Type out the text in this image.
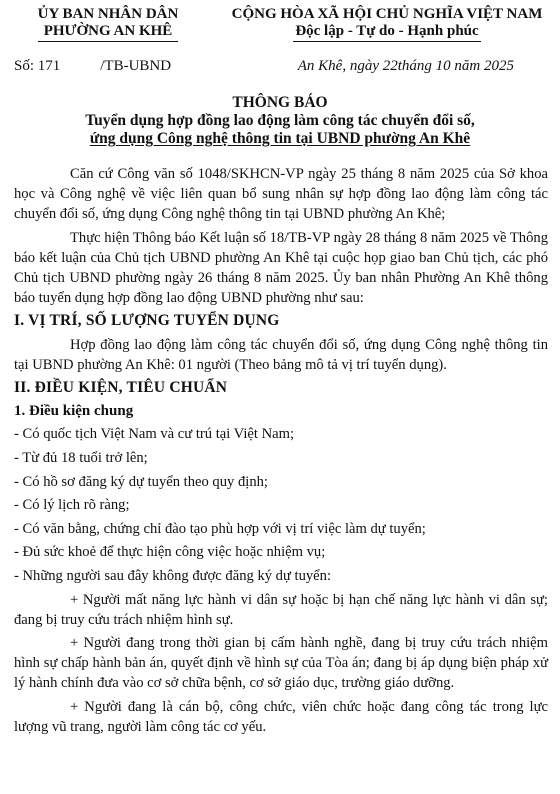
ỦY BAN NHÂN DÂN
PHƯỜNG AN KHÊ
CỘNG HÒA XÃ HỘI CHỦ NGHĨA VIỆT NAM
Độc lập - Tự do - Hạnh phúc
Số: 171	/TB-UBND	An Khê, ngày 22tháng 10 năm 2025
THÔNG BÁO
Tuyển dụng hợp đồng lao động làm công tác chuyển đổi số,
ứng dụng Công nghệ thông tin tại UBND phường An Khê

Căn cứ Công văn số 1048/SKHCN-VP ngày 25 tháng 8 năm 2025 của Sở khoa học và Công nghệ về việc liên quan bổ sung nhân sự hợp đồng lao động làm công tác chuyển đổi số, ứng dụng Công nghệ thông tin tại UBND phường An Khê;

Thực hiện Thông báo Kết luận số 18/TB-VP ngày 28 tháng 8 năm 2025 về Thông báo kết luận của Chủ tịch UBND phường An Khê tại cuộc họp giao ban Chủ tịch, các phó Chủ tịch UBND phường ngày 26 tháng 8 năm 2025. Ủy ban nhân Phường An Khê thông báo tuyển dụng hợp đồng lao động UBND phường như sau:

I. VỊ TRÍ, SỐ LƯỢNG TUYỂN DỤNG

Hợp đồng lao động làm công tác chuyển đổi số, ứng dụng Công nghệ thông tin tại UBND phường An Khê: 01 người (Theo bảng mô tả vị trí tuyển dụng).

II. ĐIỀU KIỆN, TIÊU CHUẨN
1. Điều kiện chung
- Có quốc tịch Việt Nam và cư trú tại Việt Nam;
- Từ đủ 18 tuổi trở lên;
- Có hồ sơ đăng ký dự tuyển theo quy định;
- Có lý lịch rõ ràng;
- Có văn bằng, chứng chỉ đào tạo phù hợp với vị trí việc làm dự tuyển;
- Đủ sức khoẻ để thực hiện công việc hoặc nhiệm vụ;
- Những người sau đây không được đăng ký dự tuyển:
+ Người mất năng lực hành vi dân sự hoặc bị hạn chế năng lực hành vi dân sự; đang bị truy cứu trách nhiệm hình sự.
+ Người đang trong thời gian bị cấm hành nghề, đang bị truy cứu trách nhiệm hình sự chấp hành bản án, quyết định về hình sự của Tòa án; đang bị áp dụng biện pháp xử lý hành chính đưa vào cơ sở chữa bệnh, cơ sở giáo dục, trường giáo dưỡng.
+ Người đang là cán bộ, công chức, viên chức hoặc đang công tác trong lực lượng vũ trang, người làm công tác cơ yếu.
